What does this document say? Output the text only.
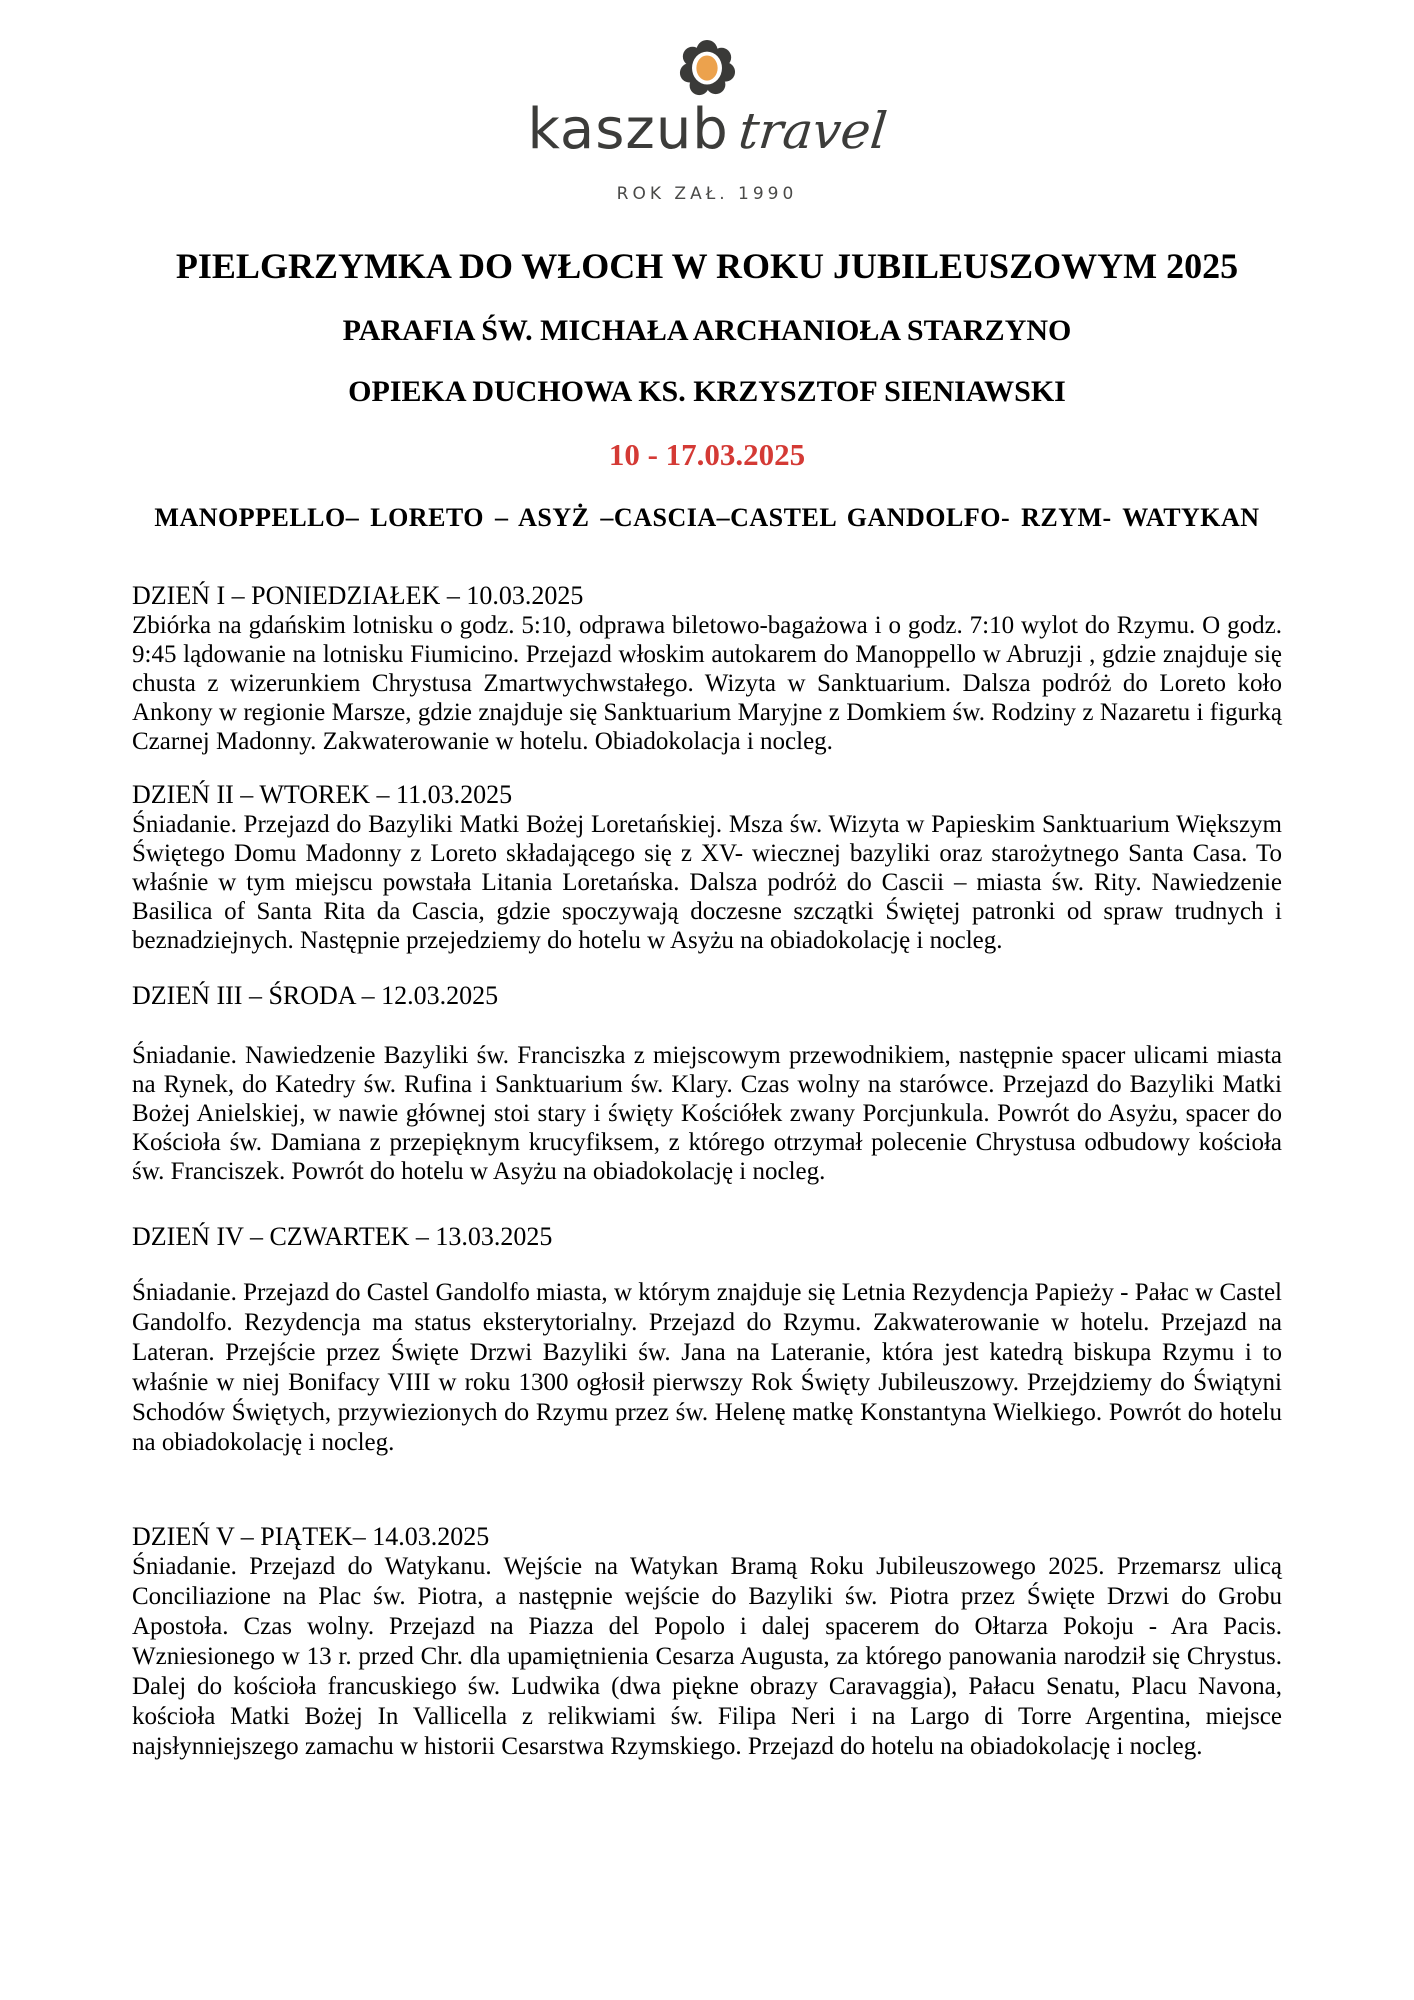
kaszub travel
ROK ZAŁ. 1990
PIELGRZYMKA DO WŁOCH W ROKU JUBILEUSZOWYM 2025
PARAFIA ŚW. MICHAŁA ARCHANIOŁA STARZYNO
OPIEKA DUCHOWA KS. KRZYSZTOF SIENIAWSKI
10 - 17.03.2025
MANOPPELLO– LORETO – ASYŻ –CASCIA–CASTEL GANDOLFO- RZYM- WATYKAN
DZIEŃ I – PONIEDZIAŁEK – 10.03.2025

Zbiórka na gdańskim lotnisku o godz. 5:10, odprawa biletowo-bagażowa i o godz. 7:10 wylot do Rzymu. O godz. 9:45 lądowanie na lotnisku Fiumicino. Przejazd włoskim autokarem do Manoppello w Abruzji , gdzie znajduje się chusta z wizerunkiem Chrystusa Zmartwychwstałego. Wizyta w Sanktuarium. Dalsza podróż do Loreto koło Ankony w regionie Marsze, gdzie znajduje się Sanktuarium Maryjne z Domkiem św. Rodziny z Nazaretu i figurką Czarnej Madonny. Zakwaterowanie w hotelu. Obiadokolacja i nocleg.

DZIEŃ II – WTOREK – 11.03.2025

Śniadanie. Przejazd do Bazyliki Matki Bożej Loretańskiej. Msza św. Wizyta w Papieskim Sanktuarium Większym Świętego Domu Madonny z Loreto składającego się z XV- wiecznej bazyliki oraz starożytnego Santa Casa. To właśnie w tym miejscu powstała Litania Loretańska. Dalsza podróż do Cascii – miasta św. Rity. Nawiedzenie Basilica of Santa Rita da Cascia, gdzie spoczywają doczesne szczątki Świętej patronki od spraw trudnych i beznadziejnych. Następnie przejedziemy do hotelu w Asyżu na obiadokolację i nocleg.

DZIEŃ III – ŚRODA – 12.03.2025

Śniadanie. Nawiedzenie Bazyliki św. Franciszka z miejscowym przewodnikiem, następnie spacer ulicami miasta na Rynek, do Katedry św. Rufina i Sanktuarium św. Klary. Czas wolny na starówce. Przejazd do Bazyliki Matki Bożej Anielskiej, w nawie głównej stoi stary i święty Kościółek zwany Porcjunkula. Powrót do Asyżu, spacer do Kościoła św. Damiana z przepięknym krucyfiksem, z którego otrzymał polecenie Chrystusa odbudowy kościoła św. Franciszek. Powrót do hotelu w Asyżu na obiadokolację i nocleg.

DZIEŃ IV – CZWARTEK – 13.03.2025

Śniadanie. Przejazd do Castel Gandolfo miasta, w którym znajduje się Letnia Rezydencja Papieży - Pałac w Castel Gandolfo. Rezydencja ma status eksterytorialny. Przejazd do Rzymu. Zakwaterowanie w hotelu. Przejazd na Lateran. Przejście przez Święte Drzwi Bazyliki św. Jana na Lateranie, która jest katedrą biskupa Rzymu i to właśnie w niej Bonifacy VIII w roku 1300 ogłosił pierwszy Rok Święty Jubileuszowy. Przejdziemy do Świątyni Schodów Świętych, przywiezionych do Rzymu przez św. Helenę matkę Konstantyna Wielkiego. Powrót do hotelu na obiadokolację i nocleg.

DZIEŃ V – PIĄTEK– 14.03.2025

Śniadanie. Przejazd do Watykanu. Wejście na Watykan Bramą Roku Jubileuszowego 2025. Przemarsz ulicą Conciliazione na Plac św. Piotra, a następnie wejście do Bazyliki św. Piotra przez Święte Drzwi do Grobu Apostoła. Czas wolny. Przejazd na Piazza del Popolo i dalej spacerem do Ołtarza Pokoju - Ara Pacis. Wzniesionego w 13 r. przed Chr. dla upamiętnienia Cesarza Augusta, za którego panowania narodził się Chrystus. Dalej do kościoła francuskiego św. Ludwika (dwa piękne obrazy Caravaggia), Pałacu Senatu, Placu Navona, kościoła Matki Bożej In Vallicella z relikwiami św. Filipa Neri i na Largo di Torre Argentina, miejsce najsłynniejszego zamachu w historii Cesarstwa Rzymskiego. Przejazd do hotelu na obiadokolację i nocleg.
